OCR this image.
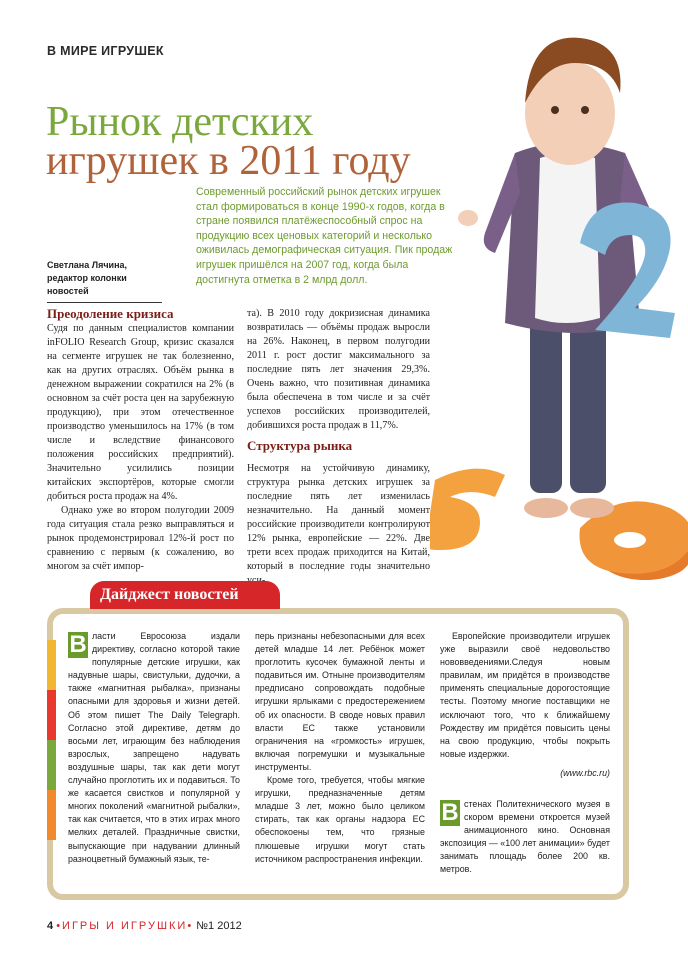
В МИРЕ ИГРУШЕК
Рынок детских
игрушек в 2011 году
Современный российский рынок детских игрушек стал формироваться в конце 1990-х годов, когда в стране появился платёжеспособный спрос на продукцию всех ценовых категорий и несколько оживилась демографическая ситуация. Пик продаж игрушек пришёлся на 2007 год, когда была достигнута отметка в 2 млрд долл.
Светлана Лячина,
редактор колонки новостей
Преодоление кризиса

Судя по данным специалистов компании inFOLIO Research Group, кризис сказался на сегменте игрушек не так болезненно, как на других отраслях. Объём рынка в денежном выражении сократился на 2% (в основном за счёт роста цен на зарубежную продукцию), при этом отечественное производство уменьшилось на 17% (в том числе и вследствие финансового положения российских предприятий). Значительно усилились позиции китайских экспортёров, которые смогли добиться роста продаж на 4%.

Однако уже во втором полугодии 2009 года ситуация стала резко выправляться и рынок продемонстрировал 12%-й рост по сравнению с первым (к сожалению, во многом за счёт импор-

та). В 2010 году докризисная динамика возвратилась — объёмы продаж выросли на 26%. Наконец, в первом полугодии 2011 г. рост достиг максимального за последние пять лет значения 29,3%. Очень важно, что позитивная динамика была обеспечена в том числе и за счёт успехов российских производителей, добившихся роста продаж в 11,7%.

Структура рынка

Несмотря на устойчивую динамику, структура рынка детских игрушек за последние пять лет изменилась незначительно. На данный момент российские производители контролируют 12% рынка, европейские — 22%. Две трети всех продаж приходится на Китай, который в последние годы значительно

Дайджест новостей
В ласти Евросоюза издали директиву, согласно которой такие популярные детские игрушки, как надувные шары, свистульки, дудочки, а также «магнитная рыбалка», признаны опасными для здоровья и жизни детей. Об этом пишет The Daily Telegraph. Согласно этой директиве, детям до восьми лет, играющим без наблюдения взрослых, запрещено надувать воздушные шары, так как дети могут случайно проглотить их и подавиться. То же касается свистков и популярной у многих поколений «магнитной рыбалки», так как считается, что в этих играх много мелких деталей. Праздничные свистки, выпускающие при надувании длинный разноцветный бумажный язык, те-

перь признаны небезопасными для всех детей младше 14 лет. Ребёнок может проглотить кусочек бумажной ленты и подавиться им. Отныне производителям предписано сопровождать подобные игрушки ярлыками с предостережением об их опасности. В своде новых правил власти ЕС также установили ограничения на «громкость» игрушек, включая погремушки и музыкальные инструменты.

Кроме того, требуется, чтобы мягкие игрушки, предназначенные детям младше 3 лет, можно было целиком стирать, так как органы надзора ЕС обеспокоены тем, что грязные плюшевые игрушки могут стать источником распространения инфекции.

Европейские производители игрушек уже выразили своё недовольство нововведениями.Следуя новым правилам, им придётся в производстве применять специальные дорогостоящие тесты. Поэтому многие поставщики не исключают того, что к ближайшему Рождеству им придётся повысить цены на свою продукцию, чтобы покрыть новые издержки.

(www.rbc.ru)

В стенах Политехнического музея в скором времени откроется музей анимационного кино. Основная экспозиция — «100 лет анимации» будет занимать площадь более 200 кв. метров.
4 •ИГРЫ И ИГРУШКИ• №1 2012
